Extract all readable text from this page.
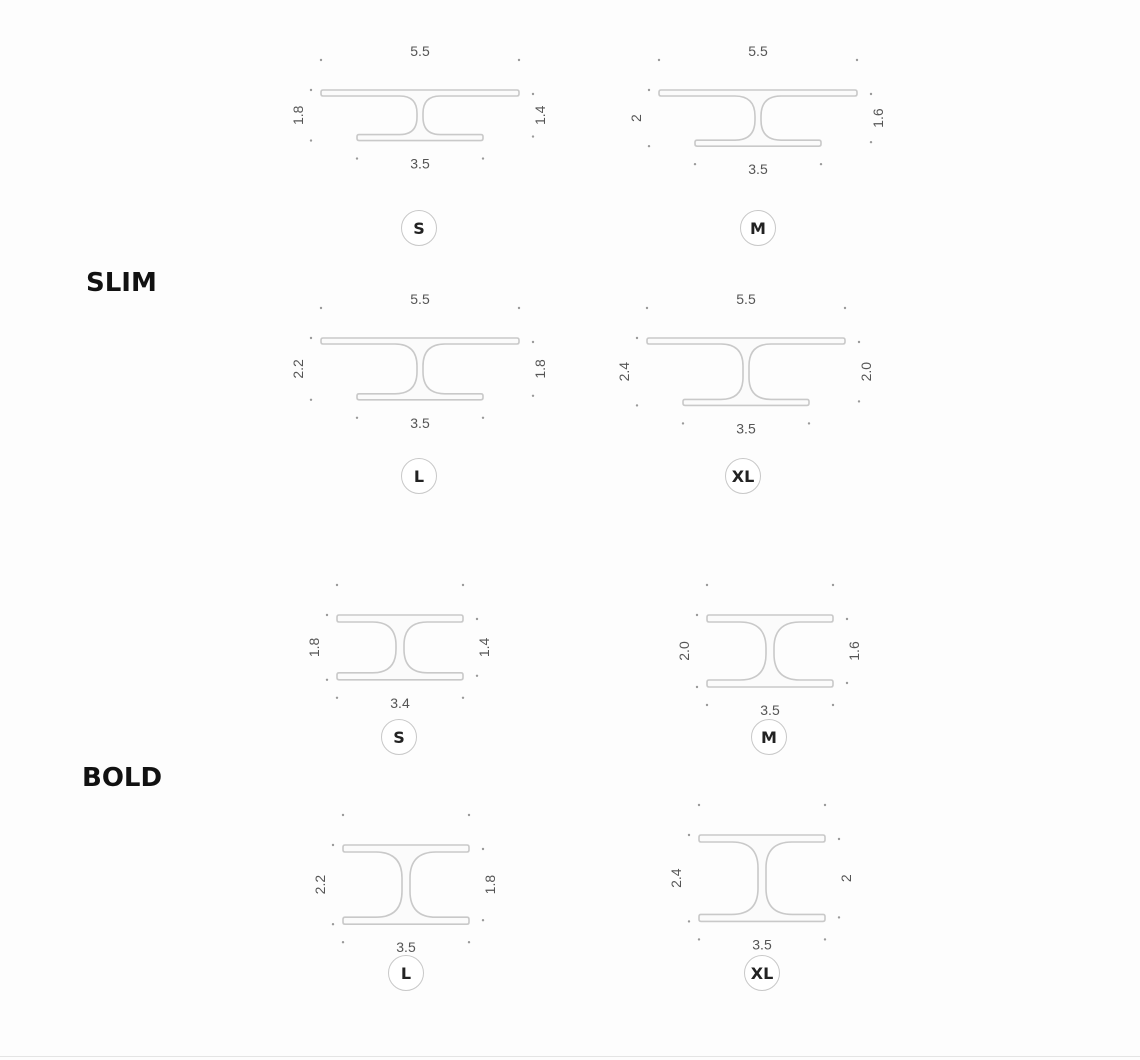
SLIM
BOLD
5.5
3.5
1.8	1.4
5.5
3.5
2	1.6
5.5
3.5
2.2	1.8
5.5
3.5
2.4	2.0
3.4
1.8	1.4
3.5
2.0	1.6
3.5
2.2	1.8
3.5
2.4	2
S	M
L	XL
S	M
L	XL
